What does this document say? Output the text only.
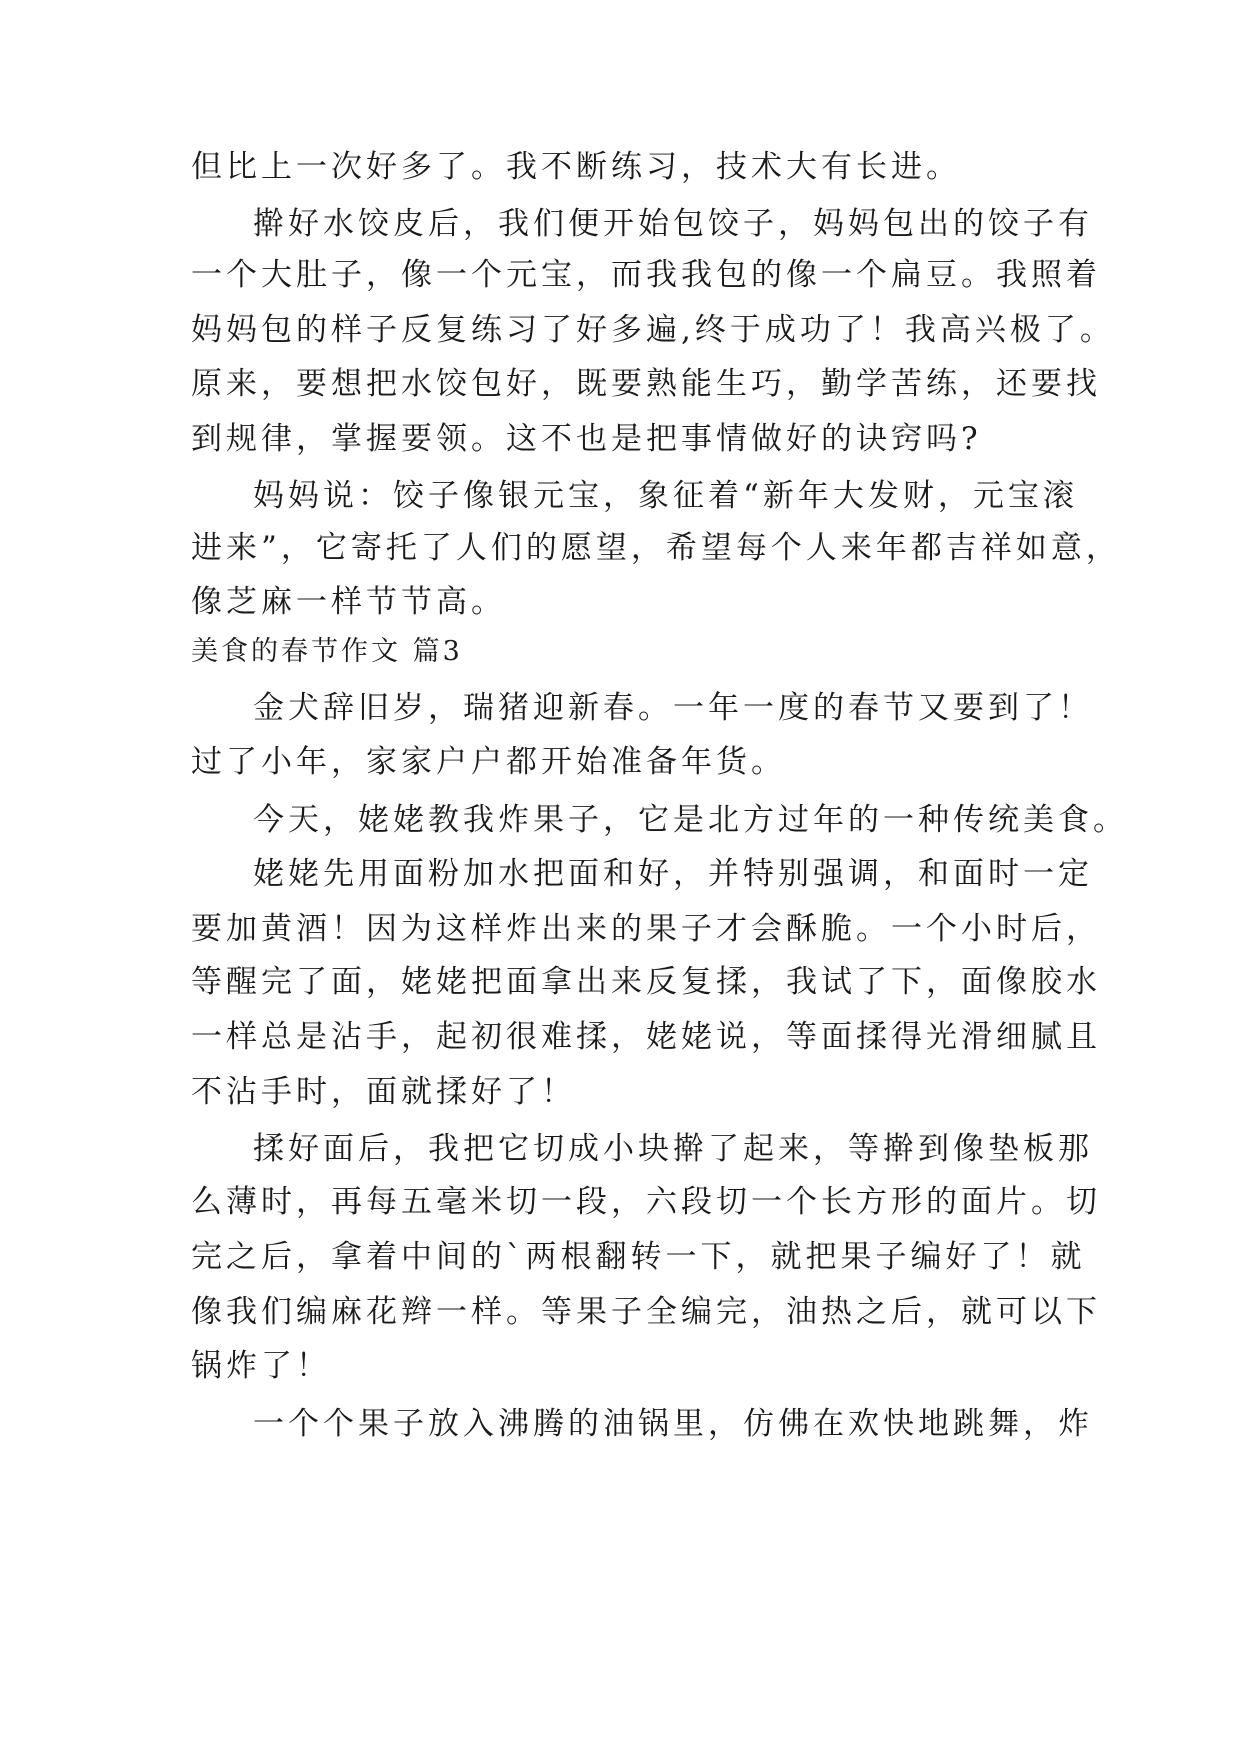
但比上一次好多了。我不断练习，技术大有长进。
擀好水饺皮后，我们便开始包饺子，妈妈包出的饺子有
一个大肚子，像一个元宝，而我我包的像一个扁豆。我照着
妈妈包的样子反复练习了好多遍,终于成功了！我高兴极了。
原来，要想把水饺包好，既要熟能生巧，勤学苦练，还要找
到规律，掌握要领。这不也是把事情做好的诀窍吗?
妈妈说：饺子像银元宝，象征着“新年大发财，元宝滚
进来”，它寄托了人们的愿望，希望每个人来年都吉祥如意，
像芝麻一样节节高。
美食的春节作文 篇3
金犬辞旧岁，瑞猪迎新春。一年一度的春节又要到了！
过了小年，家家户户都开始准备年货。
今天，姥姥教我炸果子，它是北方过年的一种传统美食。
姥姥先用面粉加水把面和好，并特别强调，和面时一定
要加黄酒！因为这样炸出来的果子才会酥脆。一个小时后，
等醒完了面，姥姥把面拿出来反复揉，我试了下，面像胶水
一样总是沾手，起初很难揉，姥姥说，等面揉得光滑细腻且
不沾手时，面就揉好了！
揉好面后，我把它切成小块擀了起来，等擀到像垫板那
么薄时，再每五毫米切一段，六段切一个长方形的面片。切
完之后，拿着中间的`两根翻转一下，就把果子编好了！就
像我们编麻花辫一样。等果子全编完，油热之后，就可以下
锅炸了！
一个个果子放入沸腾的油锅里，仿佛在欢快地跳舞，炸
